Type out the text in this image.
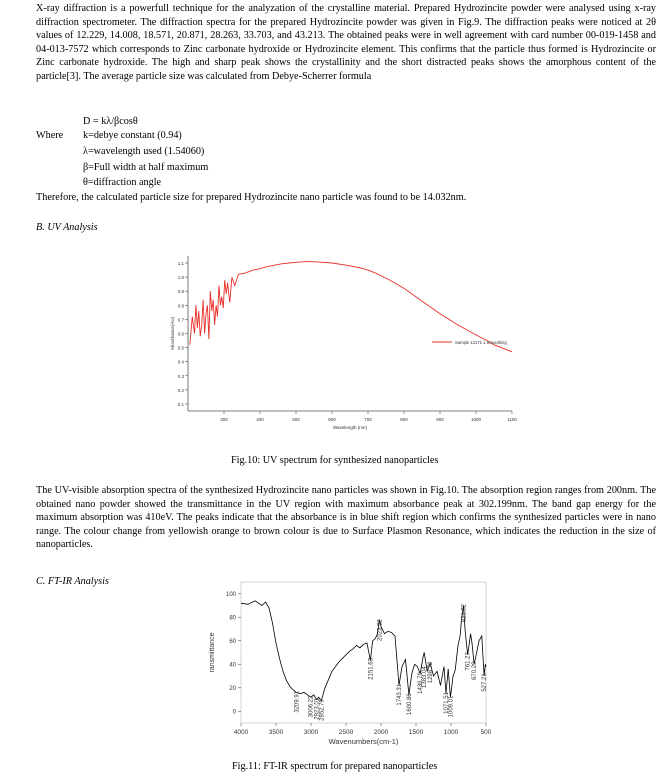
X-ray diffraction is a powerfull technique for the analyzation of the crystalline material. Prepared Hydrozincite powder were analysed using x-ray diffraction spectrometer. The diffraction spectra for the prepared Hydrozincite powder was given in Fig.9. The diffraction peaks were noticed at 2θ values of 12.229, 14.008, 18.571, 20.871, 28.263, 33.703, and 43.213. The obtained peaks were in well agreement with card number 00-019-1458 and 04-013-7572 which corresponds to Zinc carbonate hydroxide or Hydrozincite element. This confirms that the particle thus formed is Hydrozincite or Zinc carbonate hydroxide. The high and sharp peak shows the crystallinity and the short distracted peaks shows the amorphous content of the particle[3]. The average particle size was calculated from Debye-Scherrer formula
D = kλ/βcosθ
Where k=debye constant (0.94)
λ=wavelength used (1.54060)
β=Full width at half maximum
θ=diffraction angle
Therefore, the calculated particle size for prepared Hydrozincite nano particle was found to be 14.032nm.
B. UV Analysis
0.1
0.2
0.3
0.4
0.5
0.6
0.7
0.8
0.9
1.0
1.1
300	400	500	600	700	800	900	1000	1100
Wavelength (nm)
Absorbance(AU)	Sample 13171 1 Smoothing
Fig.10: UV spectrum for synthesized nanoparticles
The UV-visible absorption spectra of the synthesized Hydrozincite nano particles was shown in Fig.10. The absorption region ranges from 200nm. The obtained nano powder showed the transmittance in the UV region with maximum absorbance peak at 302.199nm. The band gap energy for the maximum absorption was 410eV. The peaks indicate that the absorbance is in blue shift region which confirms the synthesized particles were in nano range. The colour change from yellowish orange to brown colour is due to Surface Plasmon Resonance, which indicates the reduction in the size of nanoparticles.
C. FT-IR Analysis
0
20
40
60
80
100
4000	3500	3000	2500	2000	1500	1000	500
Wavenumbers(cm-1)
ransmittance
3209.91 3006.22 2923.01
2852.79
2151.63
2023.32
1743.31 1600.86
1439.79
1383.04 1298.72
1071.51
1009.01
821.82
761.27
670.29
527.21
Fig.11: FT-IR spectrum for prepared nanoparticles
